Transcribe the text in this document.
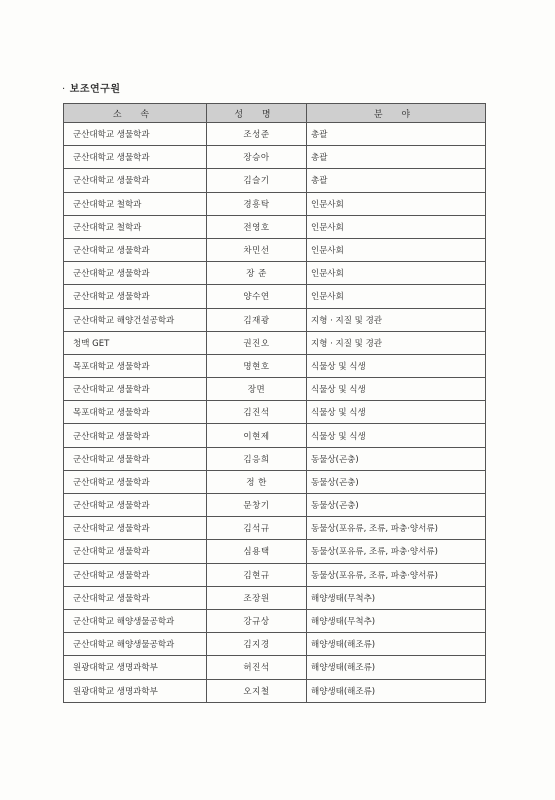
· 보조연구원
소 속	성 명	분 야
군산대학교 생물학과	조성준	총괄
군산대학교 생물학과	장승아	총괄
군산대학교 생물학과	김슬기	총괄
군산대학교 철학과	경흥탁	인문사회
군산대학교 철학과	전영호	인문사회
군산대학교 생물학과	차민선	인문사회
군산대학교 생물학과	장 준	인문사회
군산대학교 생물학과	양수연	인문사회
군산대학교 해양건설공학과	김재광	지형 · 지질 및 경관
청맥 GET	권진오	지형 · 지질 및 경관
목포대학교 생물학과	명현호	식물상 및 식생
군산대학교 생물학과	장면	식물상 및 식생
목포대학교 생물학과	김진석	식물상 및 식생
군산대학교 생물학과	이현제	식물상 및 식생
군산대학교 생물학과	김응희	동물상(곤충)
군산대학교 생물학과	정 한	동물상(곤충)
군산대학교 생물학과	문창기	동물상(곤충)
군산대학교 생물학과	김석규	동물상(포유류, 조류, 파충·양서류)
군산대학교 생물학과	심용택	동물상(포유류, 조류, 파충·양서류)
군산대학교 생물학과	김현규	동물상(포유류, 조류, 파충·양서류)
군산대학교 생물학과	조장원	해양생태(무척추)
군산대학교 해양생물공학과	강규상	해양생태(무척추)
군산대학교 해양생물공학과	김지경	해양생태(해조류)
원광대학교 생명과학부	허진석	해양생태(해조류)
원광대학교 생명과학부	오지철	해양생태(해조류)
